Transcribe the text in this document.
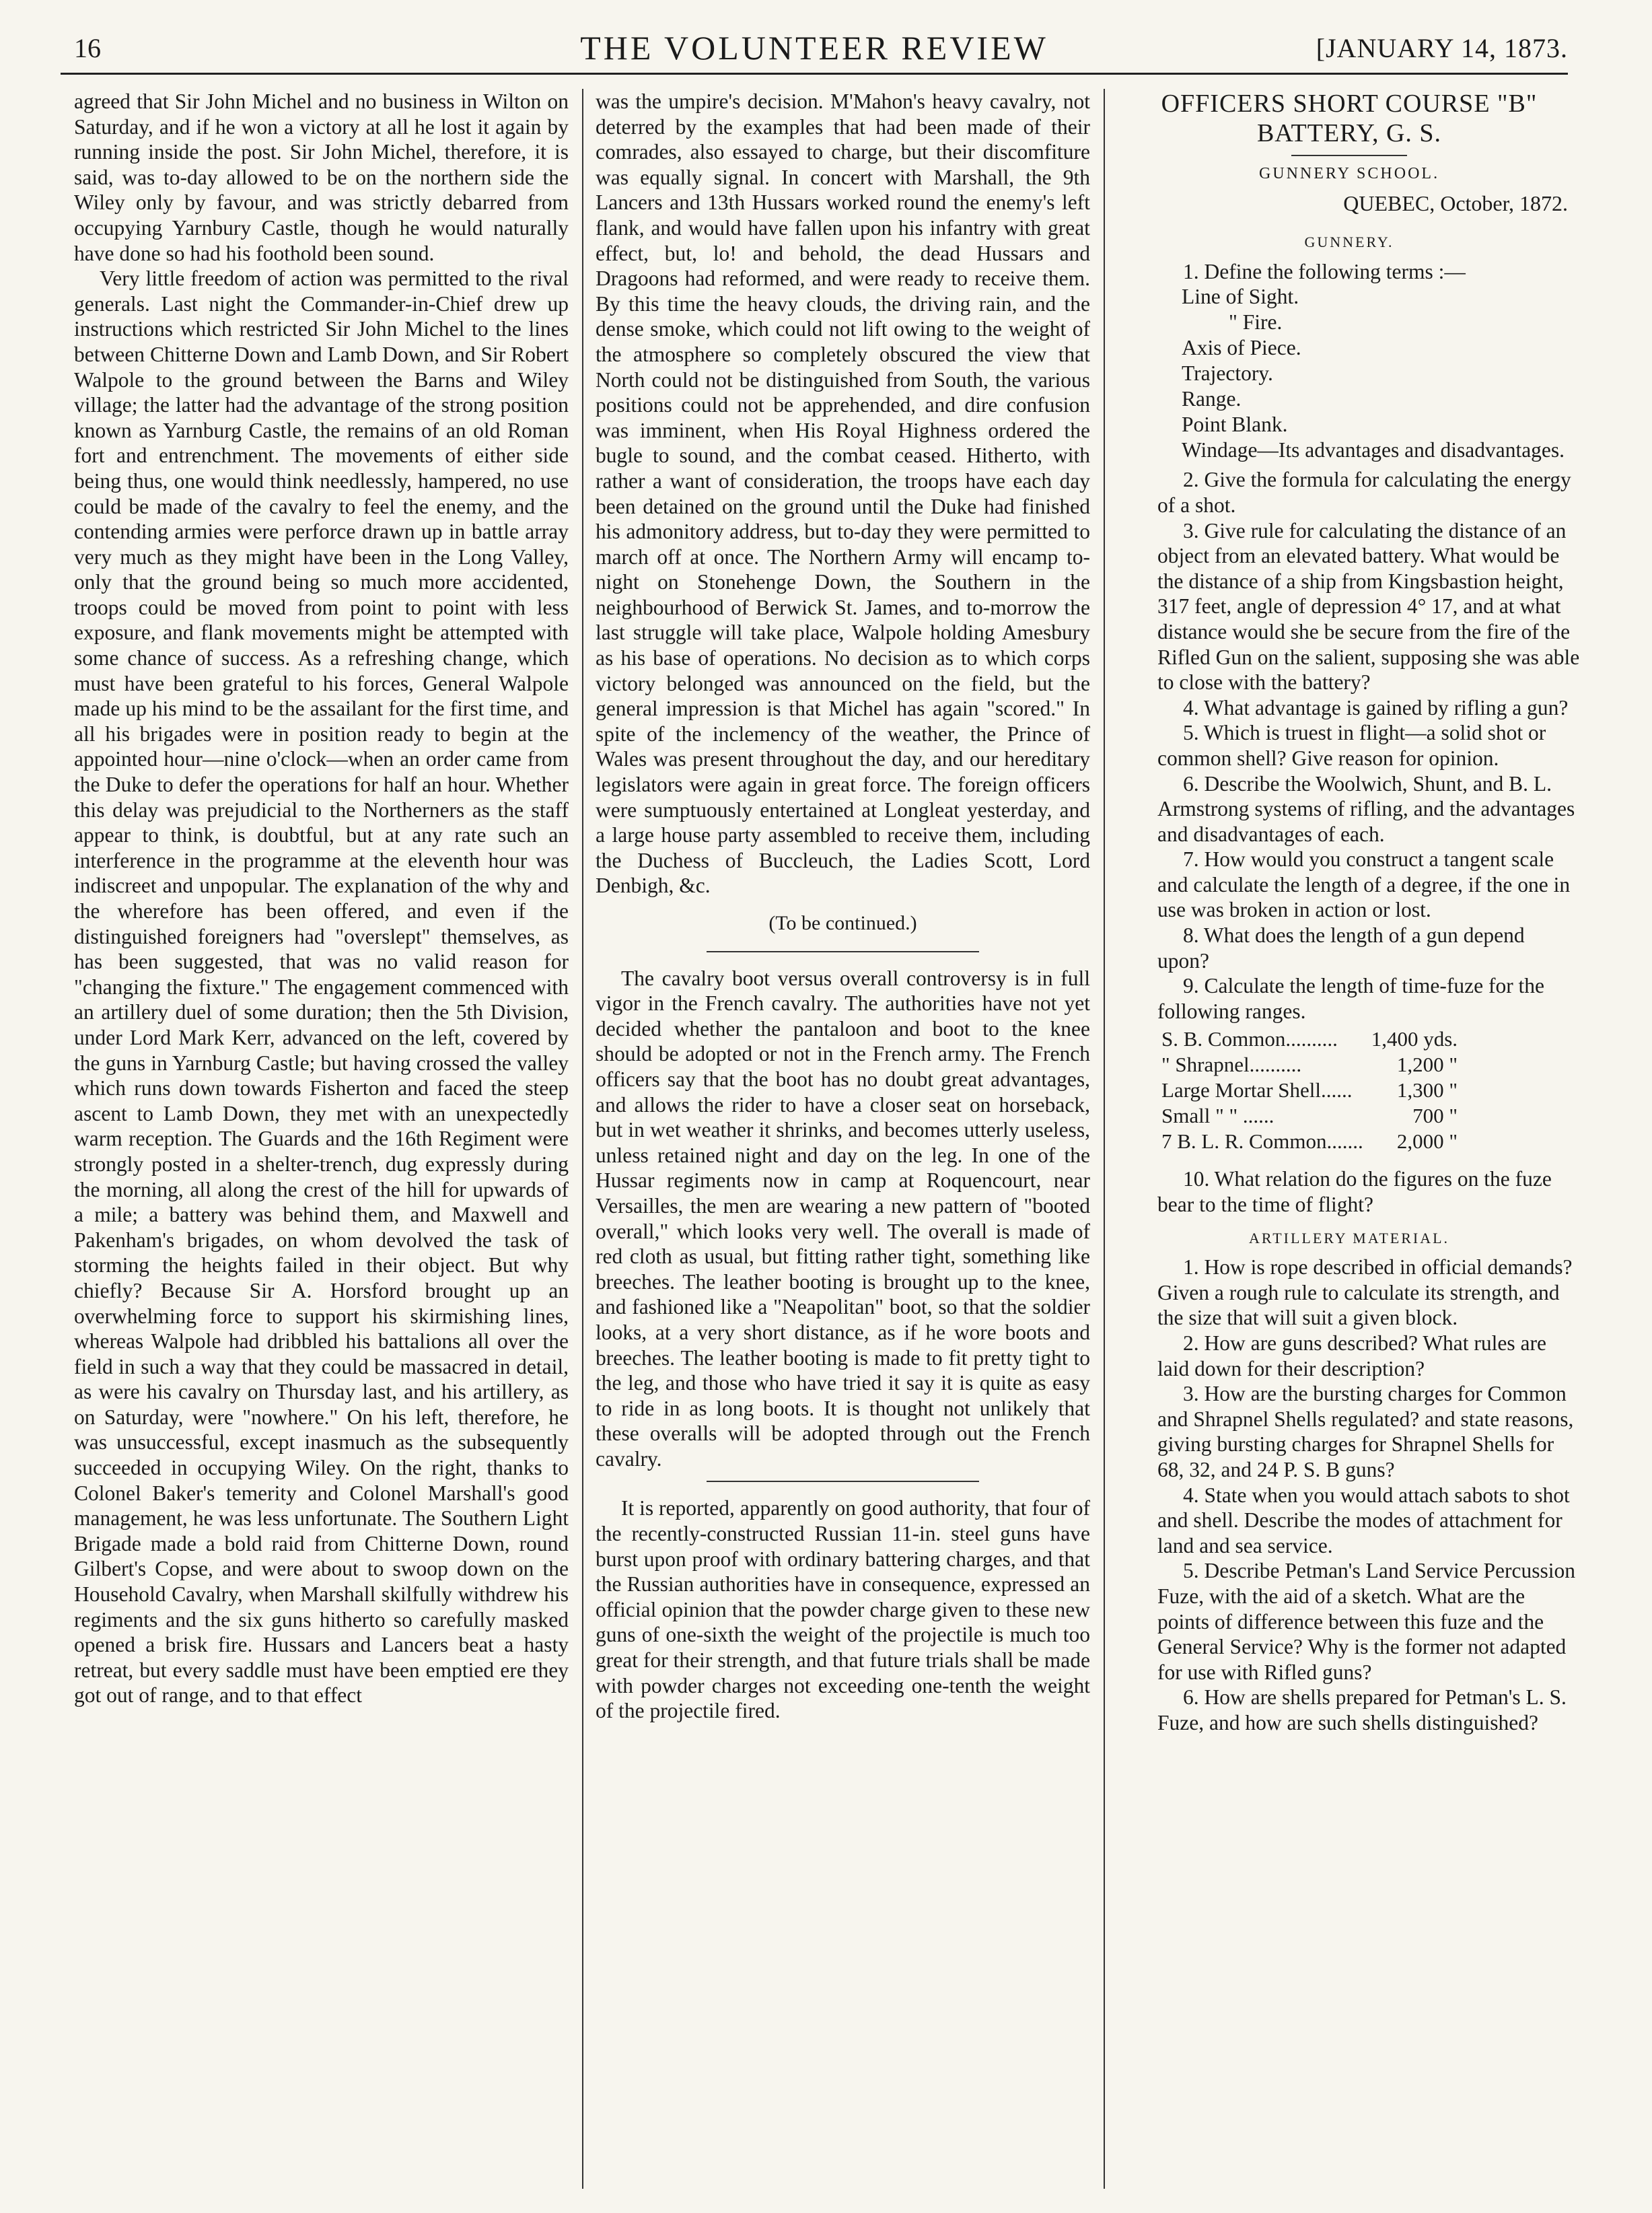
16	THE VOLUNTEER REVIEW	[JANUARY 14, 1873.

agreed that Sir John Michel and no business in Wilton on Saturday, and if he won a victory at all he lost it again by running inside the post. Sir John Michel, therefore, it is said, was to-day allowed to be on the northern side the Wiley only by favour, and was strictly debarred from occupying Yarnbury Castle, though he would naturally have done so had his foothold been sound.

Very little freedom of action was permitted to the rival generals. Last night the Commander-in-Chief drew up instructions which restricted Sir John Michel to the lines between Chitterne Down and Lamb Down, and Sir Robert Walpole to the ground between the Barns and Wiley village; the latter had the advantage of the strong position known as Yarnburg Castle, the remains of an old Roman fort and entrenchment. The movements of either side being thus, one would think needlessly, hampered, no use could be made of the cavalry to feel the enemy, and the contending armies were perforce drawn up in battle array very much as they might have been in the Long Valley, only that the ground being so much more accidented, troops could be moved from point to point with less exposure, and flank movements might be attempted with some chance of success. As a refreshing change, which must have been grateful to his forces, General Walpole made up his mind to be the assailant for the first time, and all his brigades were in position ready to begin at the appointed hour—nine o'clock—when an order came from the Duke to defer the operations for half an hour. Whether this delay was prejudicial to the Northerners as the staff appear to think, is doubtful, but at any rate such an interference in the programme at the eleventh hour was indiscreet and unpopular. The explanation of the why and the wherefore has been offered, and even if the distinguished foreigners had "overslept" themselves, as has been suggested, that was no valid reason for "changing the fixture." The engagement commenced with an artillery duel of some duration; then the 5th Division, under Lord Mark Kerr, advanced on the left, covered by the guns in Yarnburg Castle; but having crossed the valley which runs down towards Fisherton and faced the steep ascent to Lamb Down, they met with an unexpectedly warm reception. The Guards and the 16th Regiment were strongly posted in a shelter-trench, dug expressly during the morning, all along the crest of the hill for upwards of a mile; a battery was behind them, and Maxwell and Pakenham's brigades, on whom devolved the task of storming the heights failed in their object. But why chiefly? Because Sir A. Horsford brought up an overwhelming force to support his skirmishing lines, whereas Walpole had dribbled his battalions all over the field in such a way that they could be massacred in detail, as were his cavalry on Thursday last, and his artillery, as on Saturday, were "nowhere." On his left, therefore, he was unsuccessful, except inasmuch as the subsequently succeeded in occupying Wiley. On the right, thanks to Colonel Baker's temerity and Colonel Marshall's good management, he was less unfortunate. The Southern Light Brigade made a bold raid from Chitterne Down, round Gilbert's Copse, and were about to swoop down on the Household Cavalry, when Marshall skilfully withdrew his regiments and the six guns hitherto so carefully masked opened a brisk fire. Hussars and Lancers beat a hasty retreat, but every saddle must have been emptied ere they got out of range, and to that effect

was the umpire's decision. M'Mahon's heavy cavalry, not deterred by the examples that had been made of their comrades, also essayed to charge, but their discomfiture was equally signal. In concert with Marshall, the 9th Lancers and 13th Hussars worked round the enemy's left flank, and would have fallen upon his infantry with great effect, but, lo! and behold, the dead Hussars and Dragoons had reformed, and were ready to receive them. By this time the heavy clouds, the driving rain, and the dense smoke, which could not lift owing to the weight of the atmosphere so completely obscured the view that North could not be distinguished from South, the various positions could not be apprehended, and dire confusion was imminent, when His Royal Highness ordered the bugle to sound, and the combat ceased. Hitherto, with rather a want of consideration, the troops have each day been detained on the ground until the Duke had finished his admonitory address, but to-day they were permitted to march off at once. The Northern Army will encamp to-night on Stonehenge Down, the Southern in the neighbourhood of Berwick St. James, and to-morrow the last struggle will take place, Walpole holding Amesbury as his base of operations. No decision as to which corps victory belonged was announced on the field, but the general impression is that Michel has again "scored." In spite of the inclemency of the weather, the Prince of Wales was present throughout the day, and our hereditary legislators were again in great force. The foreign officers were sumptuously entertained at Longleat yesterday, and a large house party assembled to receive them, including the Duchess of Buccleuch, the Ladies Scott, Lord Denbigh, &c.

(To be continued.)

The cavalry boot versus overall controversy is in full vigor in the French cavalry. The authorities have not yet decided whether the pantaloon and boot to the knee should be adopted or not in the French army. The French officers say that the boot has no doubt great advantages, and allows the rider to have a closer seat on horseback, but in wet weather it shrinks, and becomes utterly useless, unless retained night and day on the leg. In one of the Hussar regiments now in camp at Roquencourt, near Versailles, the men are wearing a new pattern of "booted overall," which looks very well. The overall is made of red cloth as usual, but fitting rather tight, something like breeches. The leather booting is brought up to the knee, and fashioned like a "Neapolitan" boot, so that the soldier looks, at a very short distance, as if he wore boots and breeches. The leather booting is made to fit pretty tight to the leg, and those who have tried it say it is quite as easy to ride in as long boots. It is thought not unlikely that these overalls will be adopted through out the French cavalry.

It is reported, apparently on good authority, that four of the recently-constructed Russian 11-in. steel guns have burst upon proof with ordinary battering charges, and that the Russian authorities have in consequence, expressed an official opinion that the powder charge given to these new guns of one-sixth the weight of the projectile is much too great for their strength, and that future trials shall be made with powder charges not exceeding one-tenth the weight of the projectile fired.

OFFICERS SHORT COURSE "B" BATTERY, G. S.
GUNNERY SCHOOL.
QUEBEC, October, 1872.
GUNNERY.

1. Define the following terms :—

Line of Sight.
" Fire.
Axis of Piece.
Trajectory.
Range.
Point Blank.
Windage—Its advantages and disadvantages.

2. Give the formula for calculating the energy of a shot.

3. Give rule for calculating the distance of an object from an elevated battery. What would be the distance of a ship from Kingsbastion height, 317 feet, angle of depression 4° 17, and at what distance would she be secure from the fire of the Rifled Gun on the salient, supposing she was able to close with the battery?

4. What advantage is gained by rifling a gun?

5. Which is truest in flight—a solid shot or common shell? Give reason for opinion.

6. Describe the Woolwich, Shunt, and B. L. Armstrong systems of rifling, and the advantages and disadvantages of each.

7. How would you construct a tangent scale and calculate the length of a degree, if the one in use was broken in action or lost.

8. What does the length of a gun depend upon?

9. Calculate the length of time-fuze for the following ranges.

S. B. Common..........	1,400 yds.
" Shrapnel..........	1,200 "
Large Mortar Shell......	1,300 "
Small " " ......	700 "
7 B. L. R. Common.......	2,000 "

10. What relation do the figures on the fuze bear to the time of flight?

ARTILLERY MATERIAL.

1. How is rope described in official demands? Given a rough rule to calculate its strength, and the size that will suit a given block.

2. How are guns described? What rules are laid down for their description?

3. How are the bursting charges for Common and Shrapnel Shells regulated? and state reasons, giving bursting charges for Shrapnel Shells for 68, 32, and 24 P. S. B guns?

4. State when you would attach sabots to shot and shell. Describe the modes of attachment for land and sea service.

5. Describe Petman's Land Service Percussion Fuze, with the aid of a sketch. What are the points of difference between this fuze and the General Service? Why is the former not adapted for use with Rifled guns?

6. How are shells prepared for Petman's L. S. Fuze, and how are such shells distinguished?
